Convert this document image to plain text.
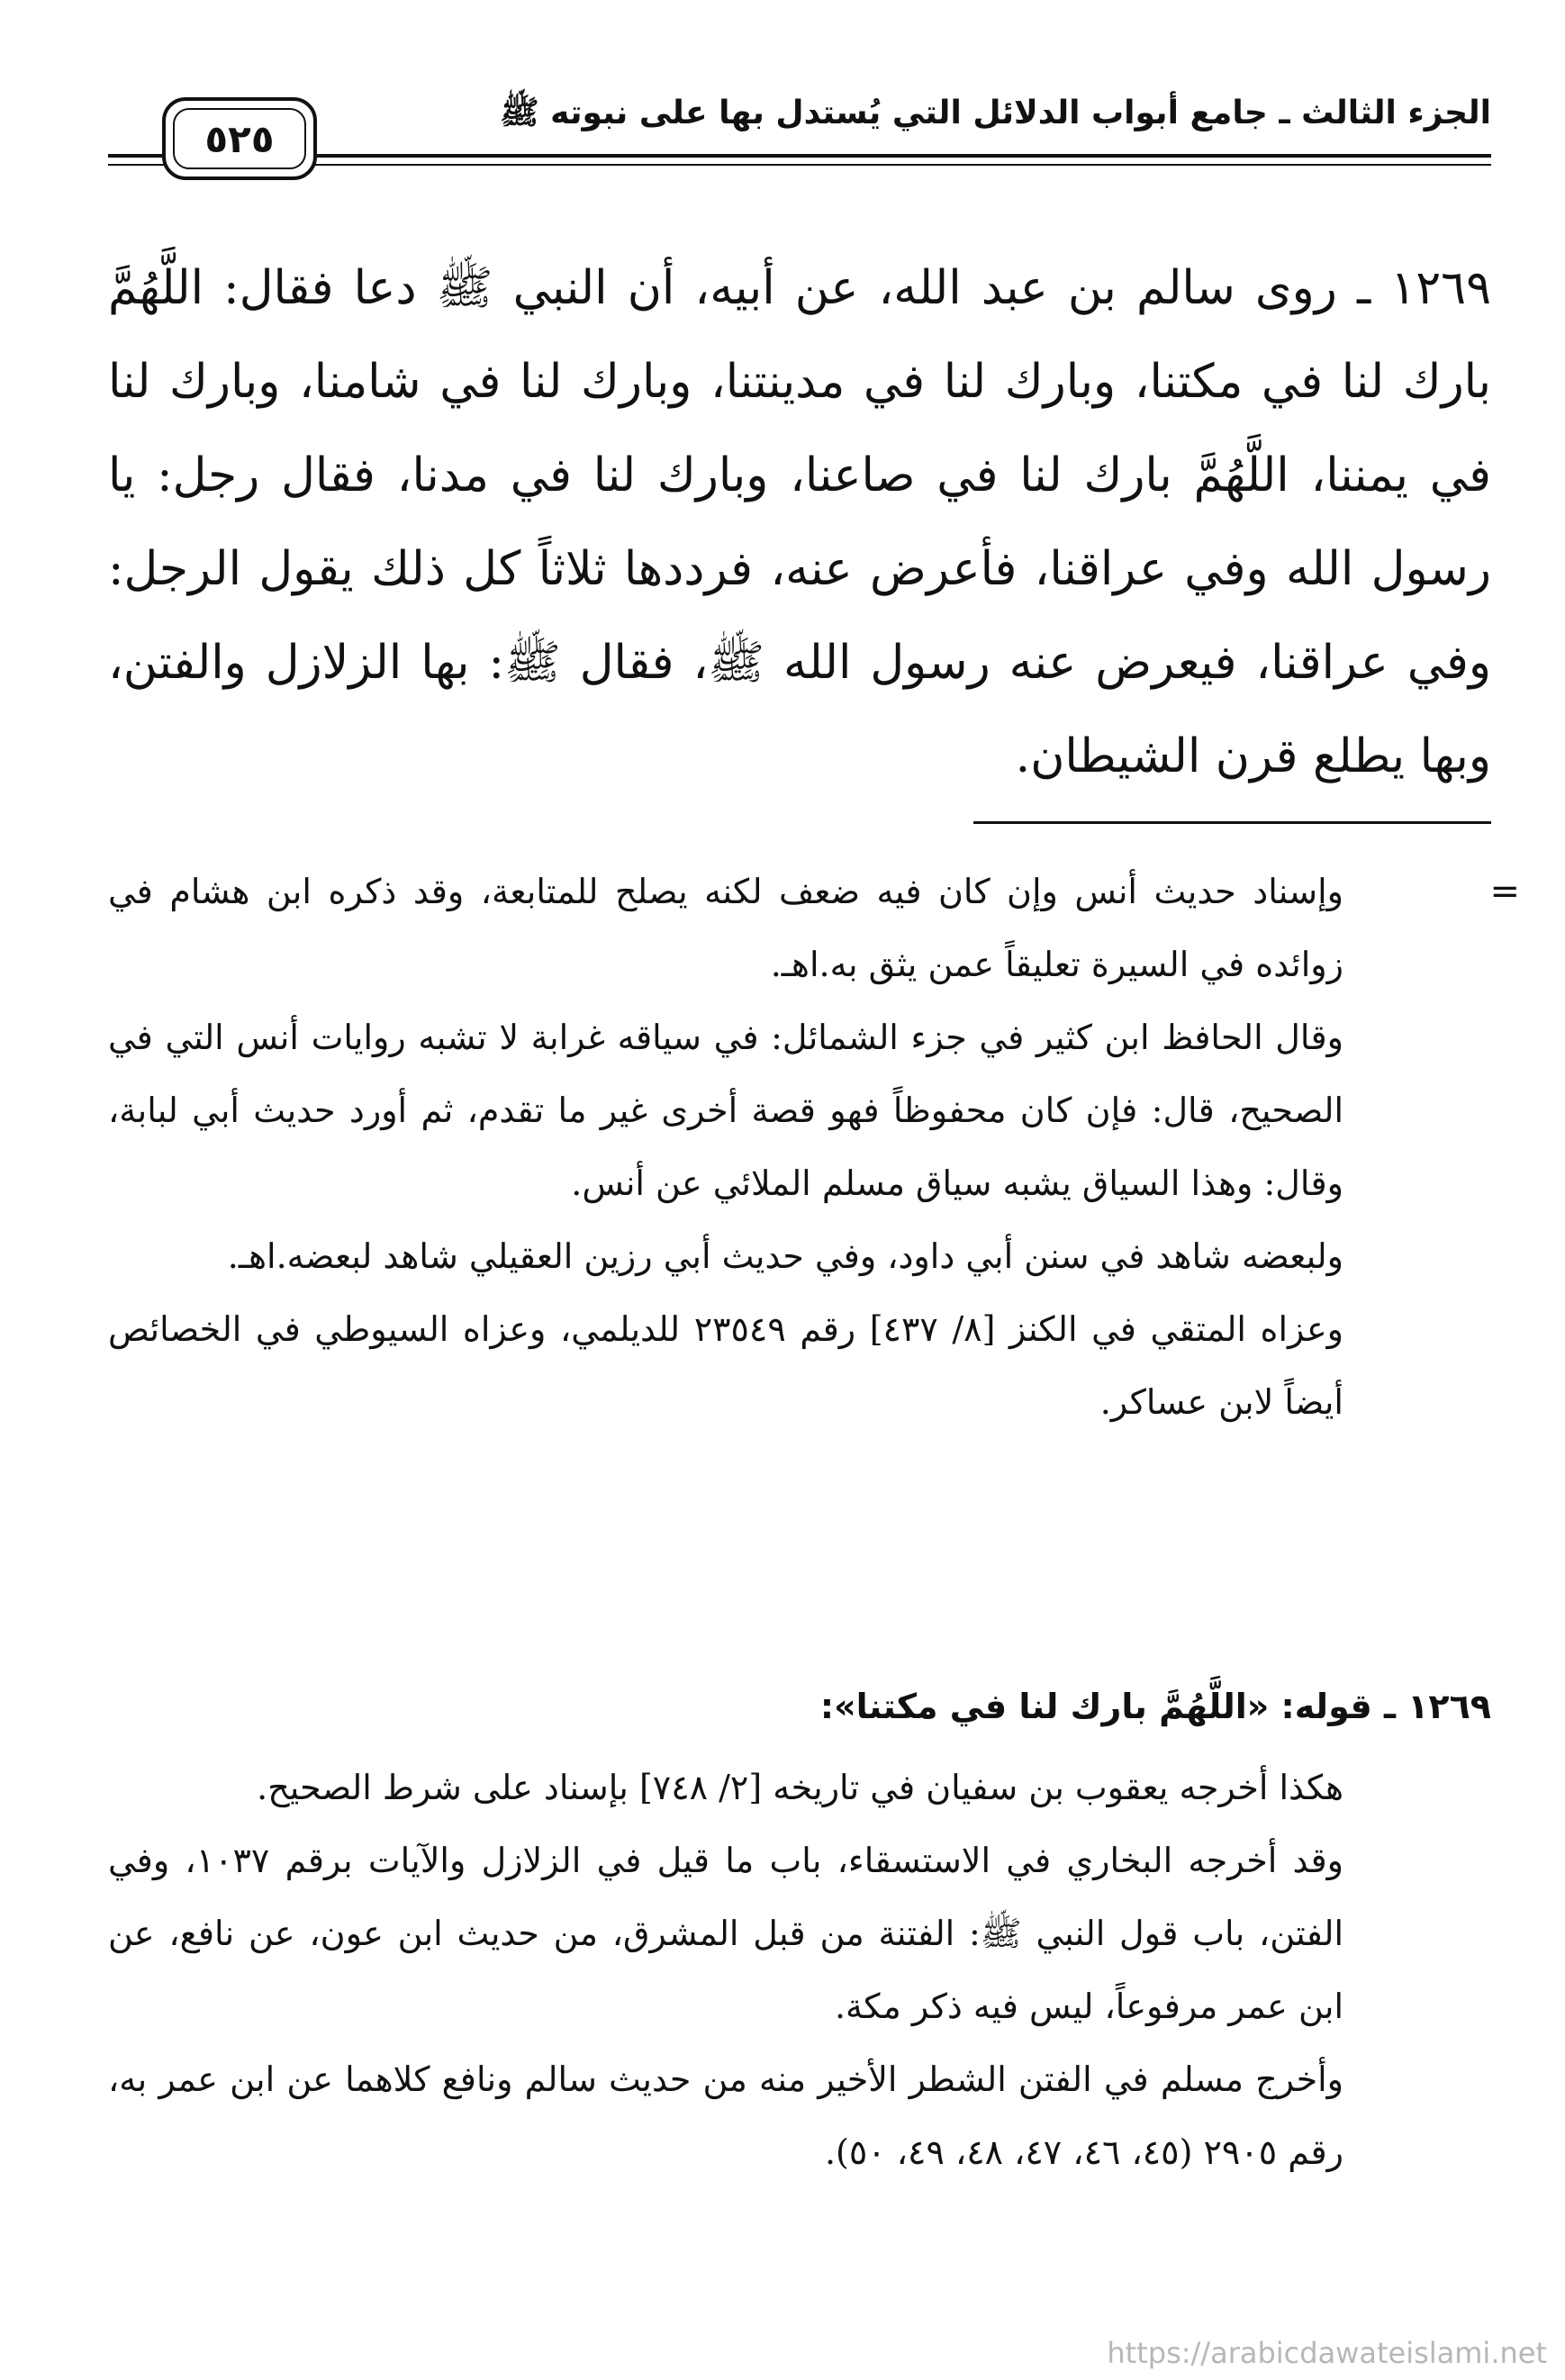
الجزء الثالث ـ جامع أبواب الدلائل التي يُستدل بها على نبوته ﷺ
٥٢٥

١٢٦٩ ـ روى سالم بن عبد الله، عن أبيه، أن النبي ﷺ دعا فقال: اللَّهُمَّ بارك لنا في مكتنا، وبارك لنا في مدينتنا، وبارك لنا في شامنا، وبارك لنا في يمننا، اللَّهُمَّ بارك لنا في صاعنا، وبارك لنا في مدنا، فقال رجل: يا رسول الله وفي عراقنا، فأعرض عنه، فرددها ثلاثاً كل ذلك يقول الرجل: وفي عراقنا، فيعرض عنه رسول الله ﷺ، فقال ﷺ: بها الزلازل والفتن، وبها يطلع قرن الشيطان.

=

وإسناد حديث أنس وإن كان فيه ضعف لكنه يصلح للمتابعة، وقد ذكره ابن هشام في زوائده في السيرة تعليقاً عمن يثق به.اهـ.

وقال الحافظ ابن كثير في جزء الشمائل: في سياقه غرابة لا تشبه روايات أنس التي في الصحيح، قال: فإن كان محفوظاً فهو قصة أخرى غير ما تقدم، ثم أورد حديث أبي لبابة، وقال: وهذا السياق يشبه سياق مسلم الملائي عن أنس.

ولبعضه شاهد في سنن أبي داود، وفي حديث أبي رزين العقيلي شاهد لبعضه.اهـ.

وعزاه المتقي في الكنز [٨/ ٤٣٧] رقم ٢٣٥٤٩ للديلمي، وعزاه السيوطي في الخصائص أيضاً لابن عساكر.

١٢٦٩ ـ قوله: «اللَّهُمَّ بارك لنا في مكتنا»:

هكذا أخرجه يعقوب بن سفيان في تاريخه [٢/ ٧٤٨] بإسناد على شرط الصحيح.

وقد أخرجه البخاري في الاستسقاء، باب ما قيل في الزلازل والآيات برقم ١٠٣٧، وفي الفتن، باب قول النبي ﷺ: الفتنة من قبل المشرق، من حديث ابن عون، عن نافع، عن ابن عمر مرفوعاً، ليس فيه ذكر مكة.

وأخرج مسلم في الفتن الشطر الأخير منه من حديث سالم ونافع كلاهما عن ابن عمر به، رقم ٢٩٠٥ (٤٥، ٤٦، ٤٧، ٤٨، ٤٩، ٥٠).

https://arabicdawateislami.net
